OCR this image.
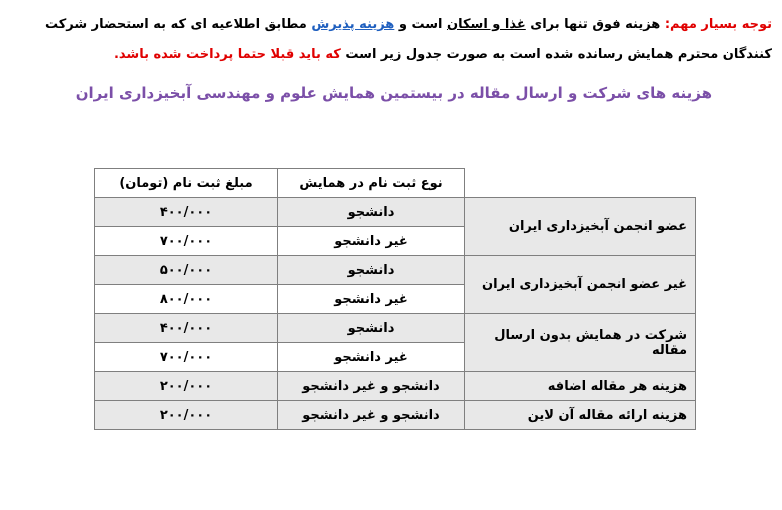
توجه بسیار مهم: هزینه فوق تنها برای غذا و اسکان است و هزینه پذیرش مطابق اطلاعیه ای که به استحضار شرکت کنندگان محترم همایش رسانده شده است به صورت جدول زیر است که باید قبلا حتما پرداخت شده باشد.
هزینه های شرکت و ارسال مقاله در بیستمین همایش علوم و مهندسی آبخیزداری ایران
	نوع ثبت نام در همایش	مبلغ ثبت نام (تومان)
عضو انجمن آبخیزداری ایران	دانشجو	۴۰۰/۰۰۰
	غیر دانشجو	۷۰۰/۰۰۰
غیر عضو انجمن آبخیزداری ایران	دانشجو	۵۰۰/۰۰۰
	غیر دانشجو	۸۰۰/۰۰۰
شرکت در همایش بدون ارسال مقاله	دانشجو	۴۰۰/۰۰۰
	غیر دانشجو	۷۰۰/۰۰۰
هزینه هر مقاله اضافه	دانشجو و غیر دانشجو	۲۰۰/۰۰۰
هزینه ارائه مقاله آن لاین	دانشجو و غیر دانشجو	۲۰۰/۰۰۰
